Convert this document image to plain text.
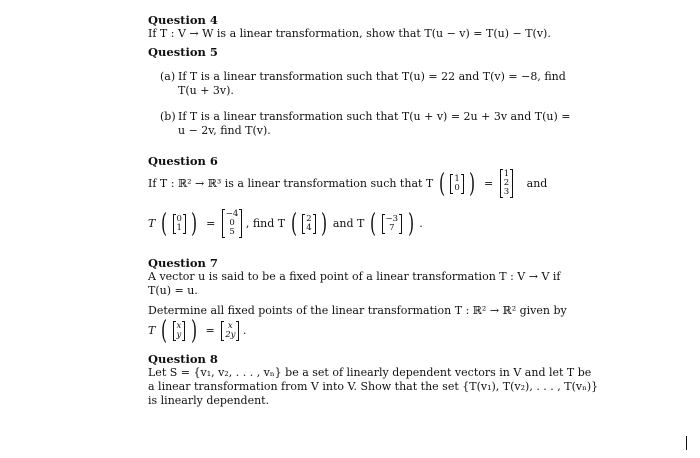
Question 4
If T : V → W is a linear transformation, show that T(u − v) = T(u) − T(v).
Question 5
(a) If T is a linear transformation such that T(u) = 22 and T(v) = −8, find
T(u + 3v).
(b) If T is a linear transformation such that T(u + v) = 2u + 3v and T(u) =
u − 2v, find T(v).
Question 6
If T : ℝ² → ℝ³ is a linear transformation such that T ( 1
0 ) =
1
2
3
and
T ( 0
1 ) =
−4
0
5
, find T ( 2
4 ) and T ( −3
7 ) .
Question 7
A vector u is said to be a fixed point of a linear transformation T : V → V if
T(u) = u.
Determine all fixed points of the linear transformation T : ℝ² → ℝ² given by
T ( x
y ) =	x
2y .
Question 8
Let S = {v₁, v₂, . . . , vₙ} be a set of linearly dependent vectors in V and let T be
a linear transformation from V into V. Show that the set {T(v₁), T(v₂), . . . , T(vₙ)}
is linearly dependent.
